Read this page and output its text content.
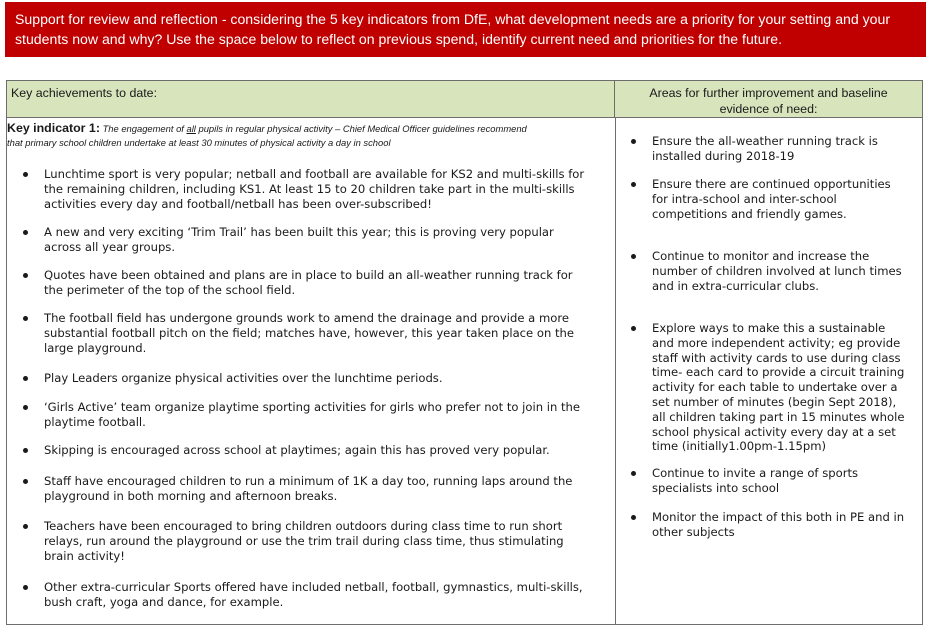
Support for review and reflection - considering the 5 key indicators from DfE, what development needs are a priority for your setting and your
students now and why? Use the space below to reflect on previous spend, identify current need and priorities for the future.
Key achievements to date:	Areas for further improvement and baseline
evidence of need:
Key indicator 1: The engagement of all pupils in regular physical activity – Chief Medical Officer guidelines recommend
that primary school children undertake at least 30 minutes of physical activity a day in school
Lunchtime sport is very popular; netball and football are available for KS2 and multi-skills for
the remaining children, including KS1. At least 15 to 20 children take part in the multi-skills
activities every day and football/netball has been over-subscribed!
A new and very exciting ‘Trim Trail’ has been built this year; this is proving very popular
across all year groups.
Quotes have been obtained and plans are in place to build an all-weather running track for
the perimeter of the top of the school field.
The football field has undergone grounds work to amend the drainage and provide a more
substantial football pitch on the field; matches have, however, this year taken place on the
large playground.
Play Leaders organize physical activities over the lunchtime periods.
‘Girls Active’ team organize playtime sporting activities for girls who prefer not to join in the
playtime football.
Skipping is encouraged across school at playtimes; again this has proved very popular.
Staff have encouraged children to run a minimum of 1K a day too, running laps around the
playground in both morning and afternoon breaks.
Teachers have been encouraged to bring children outdoors during class time to run short
relays, run around the playground or use the trim trail during class time, thus stimulating
brain activity!
Other extra-curricular Sports offered have included netball, football, gymnastics, multi-skills,
bush craft, yoga and dance, for example.
Ensure the all-weather running track is
installed during 2018-19
Ensure there are continued opportunities
for intra-school and inter-school
competitions and friendly games.
Continue to monitor and increase the
number of children involved at lunch times
and in extra-curricular clubs.
Explore ways to make this a sustainable
and more independent activity; eg provide
staff with activity cards to use during class
time- each card to provide a circuit training
activity for each table to undertake over a
set number of minutes (begin Sept 2018),
all children taking part in 15 minutes whole
school physical activity every day at a set
time (initially1.00pm-1.15pm)
Continue to invite a range of sports
specialists into school
Monitor the impact of this both in PE and in
other subjects
